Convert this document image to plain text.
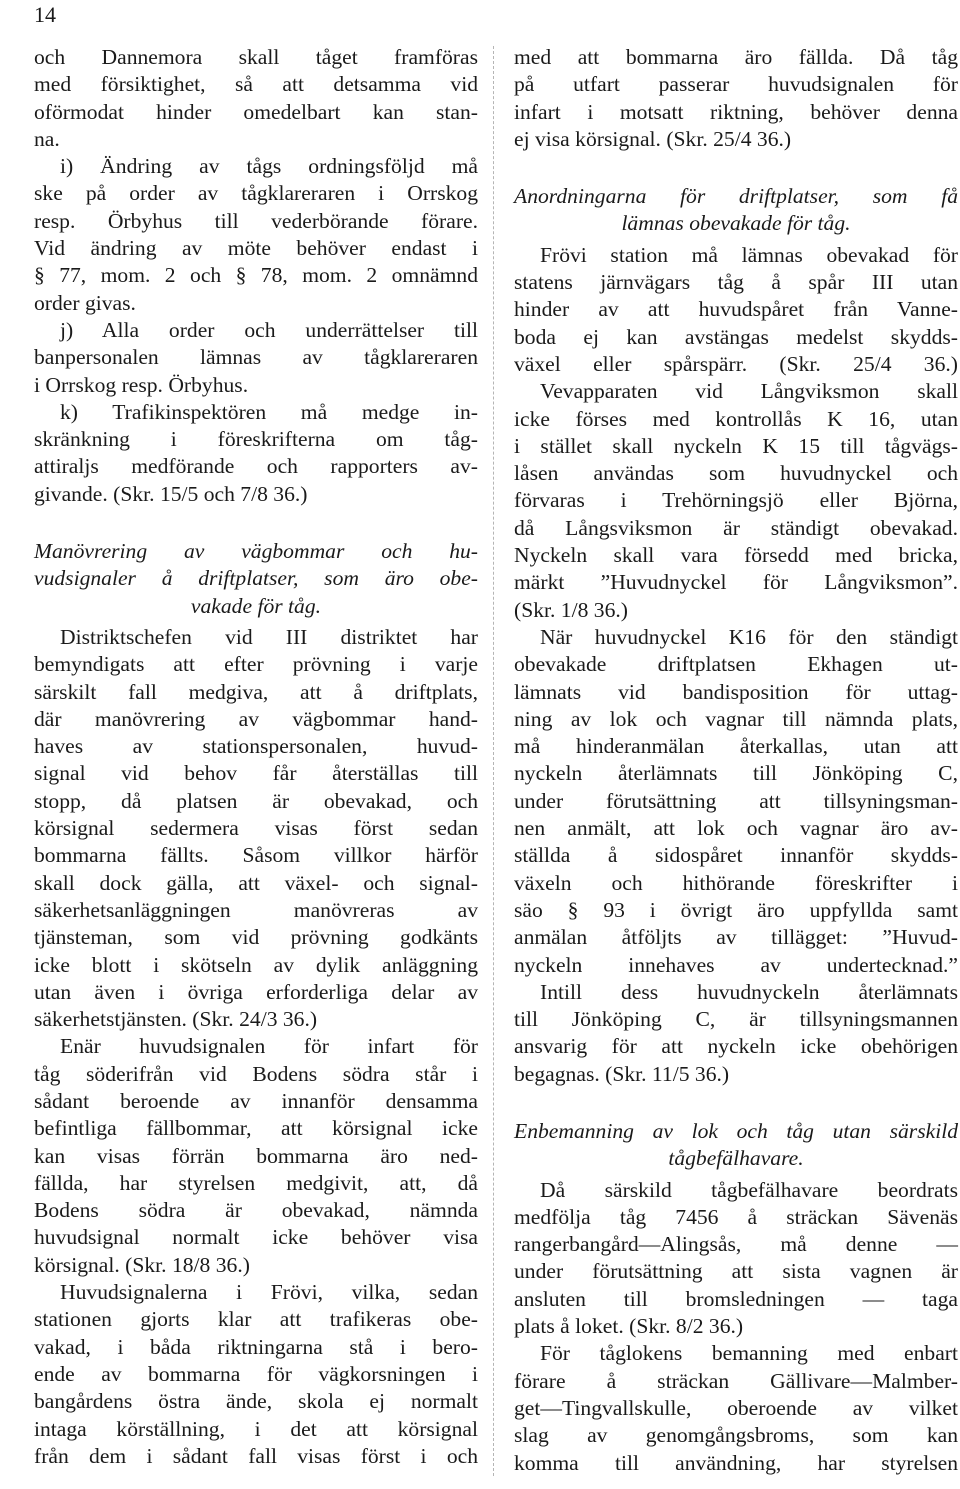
14
och Dannemora skall tåget framföras
med försiktighet, så att detsamma vid
oförmodat hinder omedelbart kan stan-
na.
i) Ändring av tågs ordningsföljd må
ske på order av tågklareraren i Orrskog
resp. Örbyhus till vederbörande förare.
Vid ändring av möte behöver endast i
§ 77, mom. 2 och § 78, mom. 2 omnämnd
order givas.
j) Alla order och underrättelser till
banpersonalen lämnas av tågklareraren
i Orrskog resp. Örbyhus.
k) Trafikinspektören må medge in-
skränkning i föreskrifterna om tåg-
attiraljs medförande och rapporters av-
givande. (Skr. 15/5 och 7/8 36.)
Manövrering av vägbommar och hu-
vudsignaler å driftplatser, som äro obe-
vakade för tåg.
Distriktschefen vid III distriktet har
bemyndigats att efter prövning i varje
särskilt fall medgiva, att å driftplats,
där manövrering av vägbommar hand-
haves av stationspersonalen, huvud-
signal vid behov får återställas till
stopp, då platsen är obevakad, och
körsignal sedermera visas först sedan
bommarna fällts. Såsom villkor härför
skall dock gälla, att växel- och signal-
säkerhetsanläggningen manövreras av
tjänsteman, som vid prövning godkänts
icke blott i skötseln av dylik anläggning
utan även i övriga erforderliga delar av
säkerhetstjänsten. (Skr. 24/3 36.)
Enär huvudsignalen för infart för
tåg söderifrån vid Bodens södra står i
sådant beroende av innanför densamma
befintliga fällbommar, att körsignal icke
kan visas förrän bommarna äro ned-
fällda, har styrelsen medgivit, att, då
Bodens södra är obevakad, nämnda
huvudsignal normalt icke behöver visa
körsignal. (Skr. 18/8 36.)
Huvudsignalerna i Frövi, vilka, sedan
stationen gjorts klar att trafikeras obe-
vakad, i båda riktningarna stå i bero-
ende av bommarna för vägkorsningen i
bangårdens östra ände, skola ej normalt
intaga körställning, i det att körsignal
från dem i sådant fall visas först i och
med att bommarna äro fällda. Då tåg
på utfart passerar huvudsignalen för
infart i motsatt riktning, behöver denna
ej visa körsignal. (Skr. 25/4 36.)
Anordningarna för driftplatser, som få
lämnas obevakade för tåg.
Frövi station må lämnas obevakad för
statens järnvägars tåg å spår III utan
hinder av att huvudspåret från Vanne-
boda ej kan avstängas medelst skydds-
växel eller spårspärr. (Skr. 25/4 36.)
Vevapparaten vid Långviksmon skall
icke förses med kontrollås K 16, utan
i stället skall nyckeln K 15 till tågvägs-
låsen användas som huvudnyckel och
förvaras i Trehörningsjö eller Björna,
då Långsviksmon är ständigt obevakad.
Nyckeln skall vara försedd med bricka,
märkt ”Huvudnyckel för Långviksmon”.
(Skr. 1/8 36.)
När huvudnyckel K16 för den ständigt
obevakade driftplatsen Ekhagen ut-
lämnats vid bandisposition för uttag-
ning av lok och vagnar till nämnda plats,
må hinderanmälan återkallas, utan att
nyckeln återlämnats till Jönköping C,
under förutsättning att tillsyningsman-
nen anmält, att lok och vagnar äro av-
ställda å sidospåret innanför skydds-
växeln och hithörande föreskrifter i
säo § 93 i övrigt äro uppfyllda samt
anmälan åtföljts av tillägget: ”Huvud-
nyckeln innehaves av undertecknad.”
Intill dess huvudnyckeln återlämnats
till Jönköping C, är tillsyningsmannen
ansvarig för att nyckeln icke obehörigen
begagnas. (Skr. 11/5 36.)
Enbemanning av lok och tåg utan särskild
tågbefälhavare.
Då särskild tågbefälhavare beordrats
medfölja tåg 7456 å sträckan Sävenäs
rangerbangård—Alingsås, må denne —
under förutsättning att sista vagnen är
ansluten till bromsledningen — taga
plats å loket. (Skr. 8/2 36.)
För tåglokens bemanning med enbart
förare å sträckan Gällivare—Malmber-
get—Tingvallskulle, oberoende av vilket
slag av genomgångsbroms, som kan
komma till användning, har styrelsen
